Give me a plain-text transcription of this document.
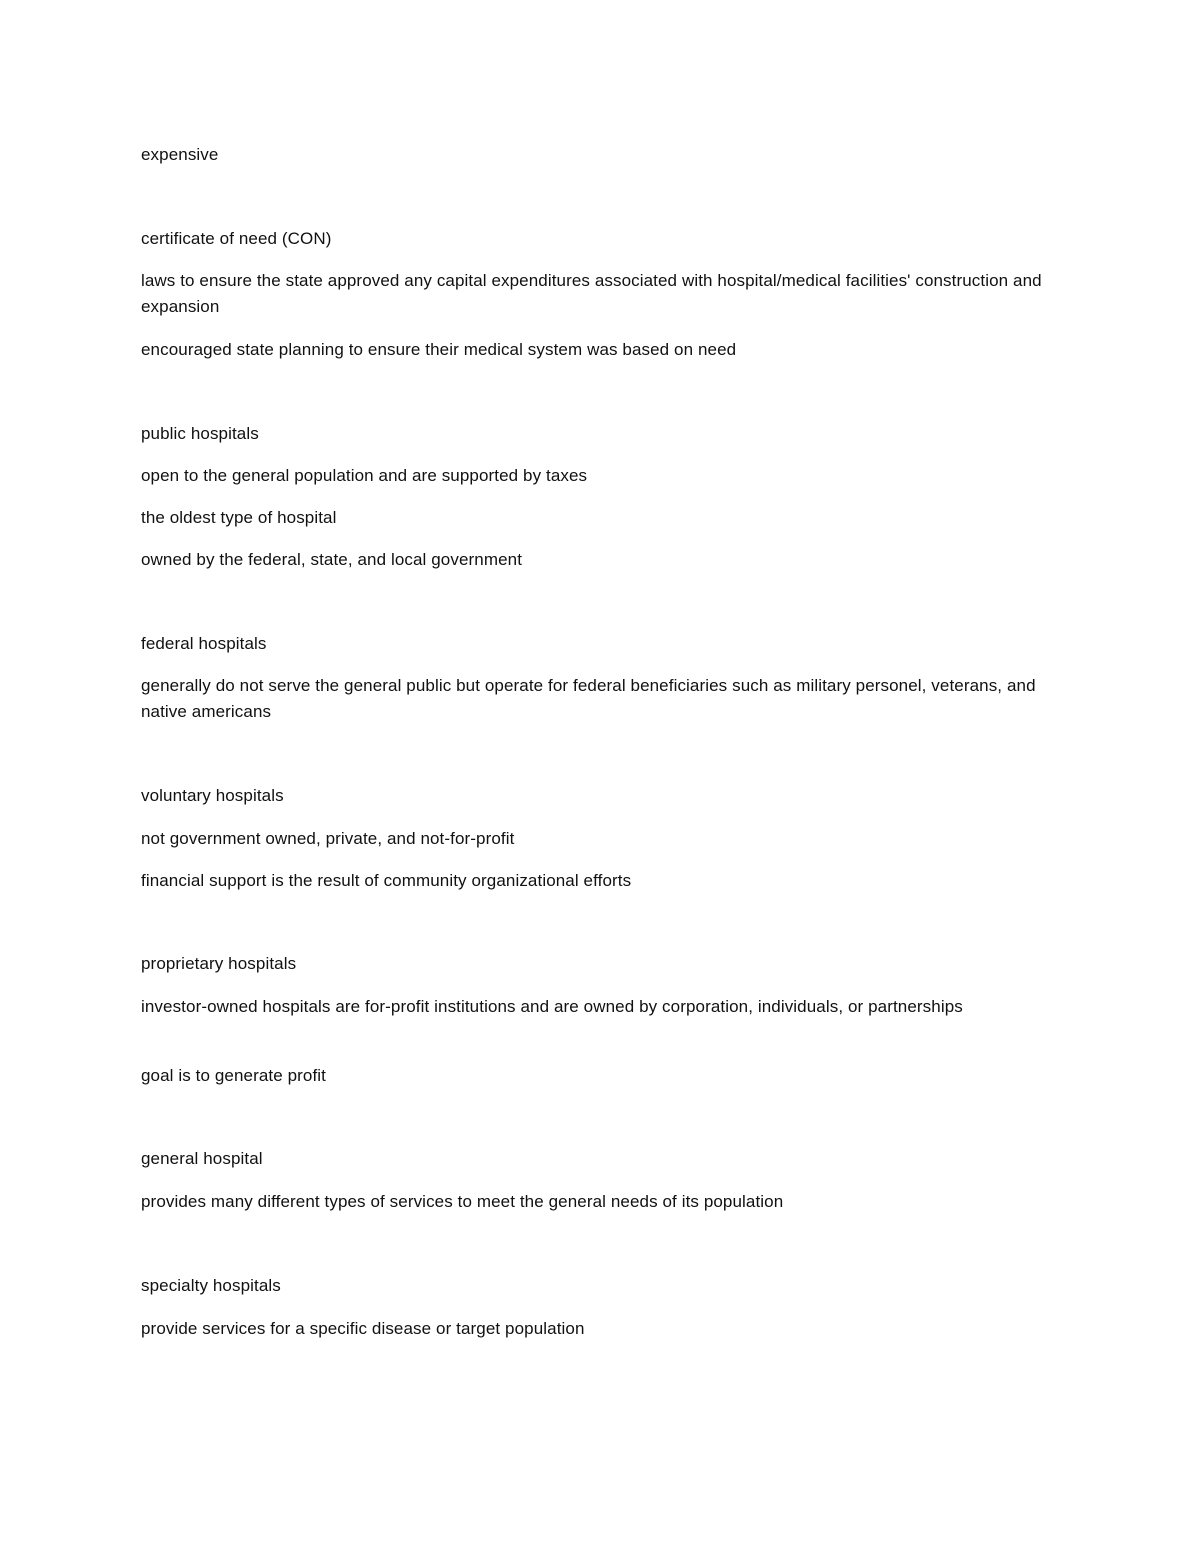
expensive
certificate of need (CON)
laws to ensure the state approved any capital expenditures associated with hospital/medical facilities' construction and expansion
encouraged state planning to ensure their medical system was based on need
public hospitals
open to the general population and are supported by taxes
the oldest type of hospital
owned by the federal, state, and local government
federal hospitals
generally do not serve the general public but operate for federal beneficiaries such as military personel, veterans, and native americans
voluntary hospitals
not government owned, private, and not-for-profit
financial support is the result of community organizational efforts
proprietary hospitals
investor-owned hospitals are for-profit institutions and are owned by corporation, individuals, or partnerships
goal is to generate profit
general hospital
provides many different types of services to meet the general needs of its population
specialty hospitals
provide services for a specific disease or target population
